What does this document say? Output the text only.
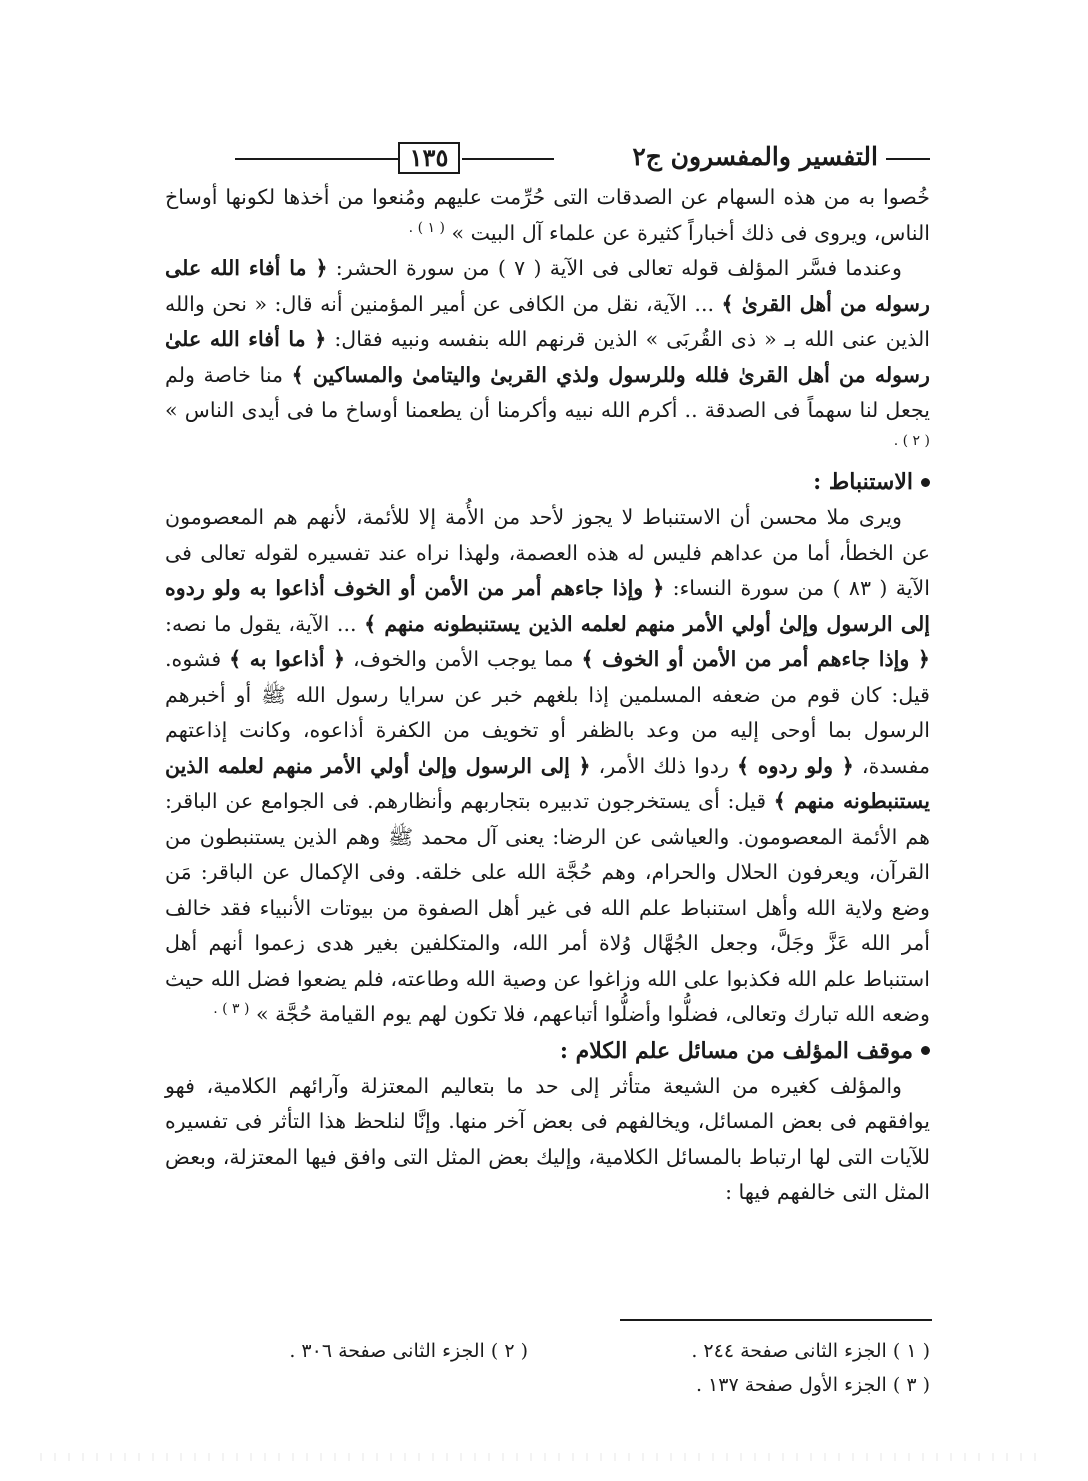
التفسير والمفسرون ج٢
١٣٥

خُصوا به من هذه السهام عن الصدقات التى حُرِّمت عليهم ومُنعوا من أخذها لكونها أوساخ الناس، ويروى فى ذلك أخباراً كثيرة عن علماء آل البيت » $^{( ١ ) .}$

وعندما فسَّر المؤلف قوله تعالى فى الآية ( ٧ ) من سورة الحشر: ﴿ ما أفاء الله على رسوله من أهل القرىٰ ﴾ ... الآية، نقل من الكافى عن أمير المؤمنين أنه قال: « نحن والله الذين عنى الله بـ « ذى القُربَى » الذين قرنهم الله بنفسه ونبيه فقال: ﴿ ما أفاء الله علىٰ رسوله من أهل القرىٰ فلله وللرسول ولذي القربىٰ واليتامىٰ والمساكين ﴾ منا خاصة ولم يجعل لنا سهماً فى الصدقة .. أكرم الله نبيه وأكرمنا أن يطعمنا أوساخ ما فى أيدى الناس » $^{( ٢ ) .}$

الاستنباط :

ويرى ملا محسن أن الاستنباط لا يجوز لأحد من الأُمة إلا للأئمة، لأنهم هم المعصومون عن الخطأ، أما من عداهم فليس له هذه العصمة، ولهذا نراه عند تفسيره لقوله تعالى فى الآية ( ٨٣ ) من سورة النساء: ﴿ وإذا جاءهم أمر من الأمن أو الخوف أذاعوا به ولو ردوه إلى الرسول وإلىٰ أولي الأمر منهم لعلمه الذين يستنبطونه منهم ﴾ ... الآية، يقول ما نصه: ﴿ وإذا جاءهم أمر من الأمن أو الخوف ﴾ مما يوجب الأمن والخوف، ﴿ أذاعوا به ﴾ فشوه. قيل: كان قوم من ضعفه المسلمين إذا بلغهم خبر عن سرايا رسول الله ﷺ أو أخبرهم الرسول بما أوحى إليه من وعد بالظفر أو تخويف من الكفرة أذاعوه، وكانت إذاعتهم مفسدة، ﴿ ولو ردوه ﴾ ردوا ذلك الأمر، ﴿ إلى الرسول وإلىٰ أولي الأمر منهم لعلمه الذين يستنبطونه منهم ﴾ قيل: أى يستخرجون تدبيره بتجاربهم وأنظارهم. فى الجوامع عن الباقر: هم الأئمة المعصومون. والعياشى عن الرضا: يعنى آل محمد ﷺ وهم الذين يستنبطون من القرآن، ويعرفون الحلال والحرام، وهم حُجَّة الله على خلقه. وفى الإكمال عن الباقر: مَن وضع ولاية الله وأهل استنباط علم الله فى غير أهل الصفوة من بيوتات الأنبياء فقد خالف أمر الله عَزَّ وجَلَّ، وجعل الجُهَّال وُلاة أمر الله، والمتكلفين بغير هدى زعموا أنهم أهل استنباط علم الله فكذبوا على الله وزاغوا عن وصية الله وطاعته، فلم يضعوا فضل الله حيث وضعه الله تبارك وتعالى، فضلُّوا وأضلُّوا أتباعهم، فلا تكون لهم يوم القيامة حُجَّة » $^{( ٣ ) .}$

موقف المؤلف من مسائل علم الكلام :

والمؤلف كغيره من الشيعة متأثر إلى حد ما بتعاليم المعتزلة وآرائهم الكلامية، فهو يوافقهم فى بعض المسائل، ويخالفهم فى بعض آخر منها. وإنَّا لنلحظ هذا التأثر فى تفسيره للآيات التى لها ارتباط بالمسائل الكلامية، وإليك بعض المثل التى وافق فيها المعتزلة، وبعض المثل التى خالفهم فيها :

( ١ ) الجزء الثانى صفحة ٢٤٤ .
( ٢ ) الجزء الثانى صفحة ٣٠٦ .
( ٣ ) الجزء الأول صفحة ١٣٧ .
